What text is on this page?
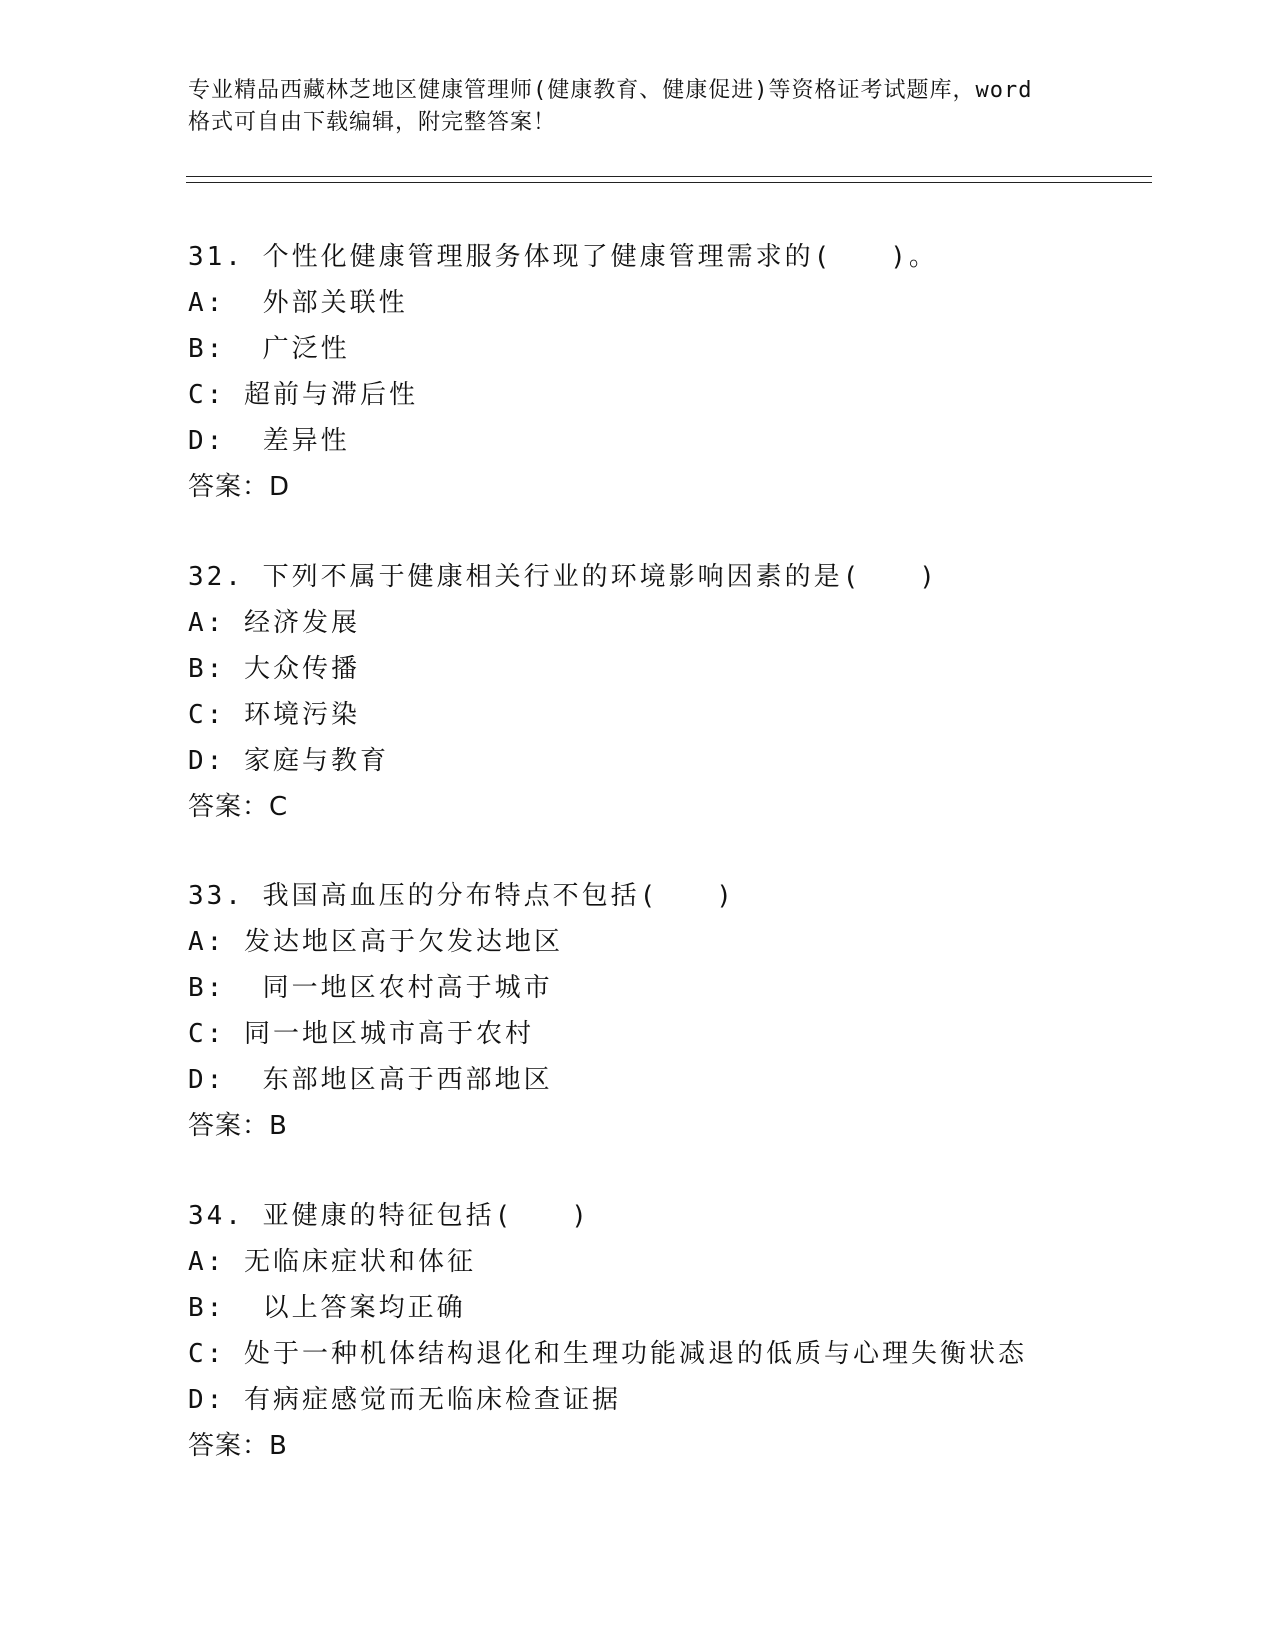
专业精品西藏林芝地区健康管理师(健康教育、健康促进)等资格证考试题库，word
格式可自由下载编辑，附完整答案！
31. 个性化健康管理服务体现了健康管理需求的(　　)。
A:  外部关联性
B:  广泛性
C: 超前与滞后性
D:  差异性
答案：D
32. 下列不属于健康相关行业的环境影响因素的是(　　)
A: 经济发展
B: 大众传播
C: 环境污染
D: 家庭与教育
答案：C
33. 我国高血压的分布特点不包括(　　)
A: 发达地区高于欠发达地区
B:  同一地区农村高于城市
C: 同一地区城市高于农村
D:  东部地区高于西部地区
答案：B
34. 亚健康的特征包括(　　)
A: 无临床症状和体征
B:  以上答案均正确
C: 处于一种机体结构退化和生理功能减退的低质与心理失衡状态
D: 有病症感觉而无临床检查证据
答案：B
